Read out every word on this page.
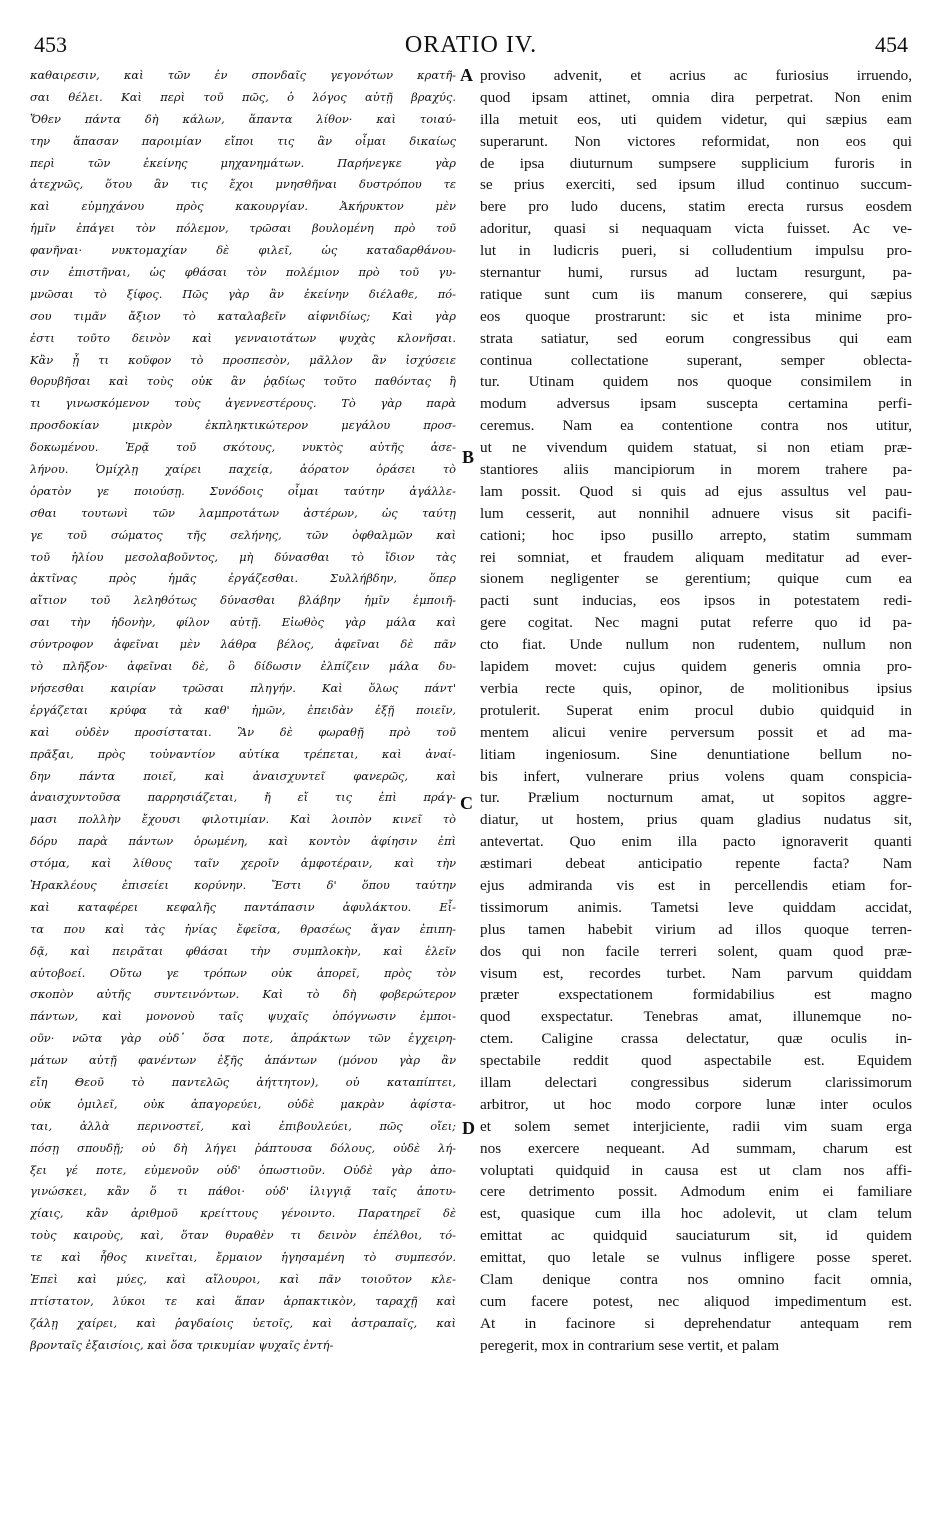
453	ORATIO IV.	454
καθαιρεσιν, καὶ τῶν ἐν σπονδαῖς γεγονότων κρατῆ-
σαι θέλει. Καὶ περὶ τοῦ πῶς, ὁ λόγος αὐτῇ βραχύς.
Ὅθεν πάντα δὴ κάλων, ἅπαντα λίθον· καὶ τοιαύ-
την ἅπασαν παροιμίαν εἴποι τις ἂν οἶμαι δικαίως
περὶ τῶν ἐκείνης μηχανημάτων. Παρήνεγκε γὰρ
ἀτεχνῶς, ὅτου ἂν τις ἔχοι μνησθῆναι δυστρόπου τε
καὶ εὐμηχάνου πρὸς κακουργίαν. Ἀκήρυκτον μὲν
ἡμῖν ἐπάγει τὸν πόλεμον, τρῶσαι βουλομένη πρὸ τοῦ
φανῆναι· νυκτομαχίαν δὲ φιλεῖ, ὡς καταδαρθάνου-
σιν ἐπιστῆναι, ὡς φθάσαι τὸν πολέμιον πρὸ τοῦ γυ-
μνῶσαι τὸ ξίφος. Πῶς γὰρ ἂν ἐκείνην διέλαθε, πό-
σου τιμᾶν ἄξιον τὸ καταλαβεῖν αἰφνιδίως; Καὶ γὰρ
ἐστι τοῦτο δεινὸν καὶ γενναιοτάτων ψυχὰς κλονῆσαι.
Κἂν ᾖ τι κοῦφον τὸ προσπεσὸν, μᾶλλον ἂν ἰσχύσειε
θορυβῆσαι καὶ τοὺς οὐκ ἂν ῥᾳδίως τοῦτο παθόντας ἢ
τι γινωσκόμενον τοὺς ἀγεννεστέρους. Τὸ γὰρ παρὰ
προσδοκίαν μικρὸν ἐκπληκτικώτερον μεγάλου προσ-
δοκωμένου. Ἐρᾷ τοῦ σκότους, νυκτὸς αὐτῆς ἀσε-
λήνου. Ὁμίχλῃ χαίρει παχείᾳ, ἀόρατον ὁράσει τὸ
ὁρατὸν γε ποιούσῃ. Συνόδοις οἶμαι ταύτην ἀγάλλε-
σθαι τουτωνὶ τῶν λαμπροτάτων ἀστέρων, ὡς ταύτῃ
γε τοῦ σώματος τῆς σελήνης, τῶν ὀφθαλμῶν καὶ
τοῦ ἡλίου μεσολαβοῦντος, μὴ δύνασθαι τὸ ἴδιον τὰς
ἀκτῖνας πρὸς ἡμᾶς ἐργάζεσθαι. Συλλήβδην, ὅπερ
αἴτιον τοῦ λεληθότως δύνασθαι βλάβην ἡμῖν ἐμποιῆ-
σαι τὴν ἡδονὴν, φίλον αὐτῇ. Εἰωθὸς γὰρ μάλα καὶ
σύντροφον ἀφεῖναι μὲν λάθρα βέλος, ἀφεῖναι δὲ πᾶν
τὸ πλῆξον· ἀφεῖναι δὲ, ὃ δίδωσιν ἐλπίζειν μάλα δυ-
νήσεσθαι καιρίαν τρῶσαι πληγήν. Καὶ ὅλως πάντ'
ἐργάζεται κρύφα τὰ καθ' ἡμῶν, ἐπειδὰν ἐξῇ ποιεῖν,
καὶ οὐδὲν προσίσταται. Ἂν δὲ φωραθῇ πρὸ τοῦ
πρᾶξαι, πρὸς τοὐναντίον αὐτίκα τρέπεται, καὶ ἀναί-
δην πάντα ποιεῖ, καὶ ἀναισχυντεῖ φανερῶς, καὶ
ἀναισχυντοῦσα παρρησιάζεται, ἤ εἴ τις ἐπὶ πράγ-
μασι πολλὴν ἔχουσι φιλοτιμίαν. Καὶ λοιπὸν κινεῖ τὸ
δόρυ παρὰ πάντων ὁρωμένη, καὶ κοντὸν ἀφίησιν ἐπὶ
στόμα, καὶ λίθους ταῖν χεροῖν ἀμφοτέραιν, καὶ τὴν
Ἡρακλέους ἐπισείει κορύνην. Ἔστι δ' ὅπου ταύτην
καὶ καταφέρει κεφαλῆς παντάπασιν ἀφυλάκτου. Εἶ-
τα που καὶ τὰς ἡνίας ἔφεῖσα, θρασέως ἄγαν ἐπιπη-
δᾷ, καὶ πειρᾶται φθάσαι τὴν συμπλοκὴν, καὶ ἑλεῖν
αὐτοβοεί. Οὕτω γε τρόπων οὐκ ἀπορεῖ, πρὸς τὸν
σκοπὸν αὐτῆς συντεινόντων. Καὶ τὸ δὴ φοβερώτερον
πάντων, καὶ μονονοὺ ταῖς ψυχαῖς ὁπόγνωσιν ἐμποι-
οῦν· νῶτα γὰρ οὐδ᾽ ὅσα ποτε, ἀπράκτων τῶν ἐγχειρη-
μάτων αὐτῇ φανέντων ἐξῆς ἁπάντων (μόνου γὰρ ἂν
εἴη Θεοῦ τὸ παντελῶς ἀήττητον), οὐ καταπίπτει,
οὐκ ὀμιλεῖ, οὐκ ἀπαγορεύει, οὐδὲ μακρὰν ἀφίστα-
ται, ἀλλὰ περινοστεῖ, καὶ ἐπιβουλεύει, πῶς οἴει;
πόσῃ σπουδῇ; οὐ δὴ λήγει ῥάπτουσα δόλους, οὐδὲ λή-
ξει γέ ποτε, εὐμενοῦν οὐδ' ὁπωστιοῦν. Οὐδὲ γὰρ ἀπο-
γινώσκει, κἂν ὅ τι πάθοι· οὐδ' ἰλιγγιᾷ ταῖς ἀποτυ-
χίαις, κἂν ἀριθμοῦ κρείττους γένοιντο. Παρατηρεῖ δὲ
τοὺς καιροὺς, καὶ, ὅταν θυραθὲν τι δεινὸν ἐπέλθοι, τό-
τε καὶ ἦθος κινεῖται, ἔρμαιον ἡγησαμένη τὸ συμπεσόν.
Ἐπεὶ καὶ μύες, καὶ αἴλουροι, καὶ πᾶν τοιοῦτον κλε-
πτίστατον, λύκοι τε καὶ ἅπαν ἁρπακτικὸν, ταραχῇ καὶ
ζάλῃ χαίρει, καὶ ῥαγδαίοις ὑετοῖς, καὶ ἀστραπαῖς, καὶ
βρονταῖς ἐξαισίοις, καὶ ὅσα τρικυμίαν ψυχαῖς ἐντή-
proviso advenit, et acrius ac furiosius irruendo,
quod ipsam attinet, omnia dira perpetrat. Non enim
illa metuit eos, uti quidem videtur, qui sæpius eam
superarunt. Non victores reformidat, non eos qui
de ipsa diuturnum sumpsere supplicium furoris in
se prius exerciti, sed ipsum illud continuo succum-
bere pro ludo ducens, statim erecta rursus eosdem
adoritur, quasi si nequaquam victa fuisset. Ac ve-
lut in ludicris pueri, si colludentium impulsu pro-
sternantur humi, rursus ad luctam resurgunt, pa-
ratique sunt cum iis manum conserere, qui sæpius
eos quoque prostrarunt: sic et ista minime pro-
strata satiatur, sed eorum congressibus qui eam
continua collectatione superant, semper oblecta-
tur. Utinam quidem nos quoque consimilem in
modum adversus ipsam suscepta certamina perfi-
ceremus. Nam ea contentione contra nos utitur,
ut ne vivendum quidem statuat, si non etiam præ-
stantiores aliis mancipiorum in morem trahere pa-
lam possit. Quod si quis ad ejus assultus vel pau-
lum cesserit, aut nonnihil adnuere visus sit pacifi-
cationi; hoc ipso pusillo arrepto, statim summam
rei somniat, et fraudem aliquam meditatur ad ever-
sionem negligenter se gerentium; quique cum ea
pacti sunt inducias, eos ipsos in potestatem redi-
gere cogitat. Nec magni putat referre quo id pa-
cto fiat. Unde nullum non rudentem, nullum non
lapidem movet: cujus quidem generis omnia pro-
verbia recte quis, opinor, de molitionibus ipsius
protulerit. Superat enim procul dubio quidquid in
mentem alicui venire perversum possit et ad ma-
litiam ingeniosum. Sine denuntiatione bellum no-
bis infert, vulnerare prius volens quam conspicia-
tur. Prælium nocturnum amat, ut sopitos aggre-
diatur, ut hostem, prius quam gladius nudatus sit,
antevertat. Quo enim illa pacto ignoraverit quanti
æstimari debeat anticipatio repente facta? Nam
ejus admiranda vis est in percellendis etiam for-
tissimorum animis. Tametsi leve quiddam accidat,
plus tamen habebit virium ad illos quoque terren-
dos qui non facile terreri solent, quam quod præ-
visum est, recordes turbet. Nam parvum quiddam
præter exspectationem formidabilius est magno
quod exspectatur. Tenebras amat, illunemque no-
ctem. Caligine crassa delectatur, quæ oculis in-
spectabile reddit quod aspectabile est. Equidem
illam delectari congressibus siderum clarissimorum
arbitror, ut hoc modo corpore lunæ inter oculos
et solem semet interjiciente, radii vim suam erga
nos exercere nequeant. Ad summam, charum est
voluptati quidquid in causa est ut clam nos affi-
cere detrimento possit. Admodum enim ei familiare
est, quasique cum illa hoc adolevit, ut clam telum
emittat ac quidquid sauciaturum sit, id quidem
emittat, quo letale se vulnus infligere posse speret.
Clam denique contra nos omnino facit omnia,
cum facere potest, nec aliquod impedimentum est.
At in facinore si deprehendatur antequam rem
peregerit, mox in contrarium sese vertit, et palam
A
B
C
D
